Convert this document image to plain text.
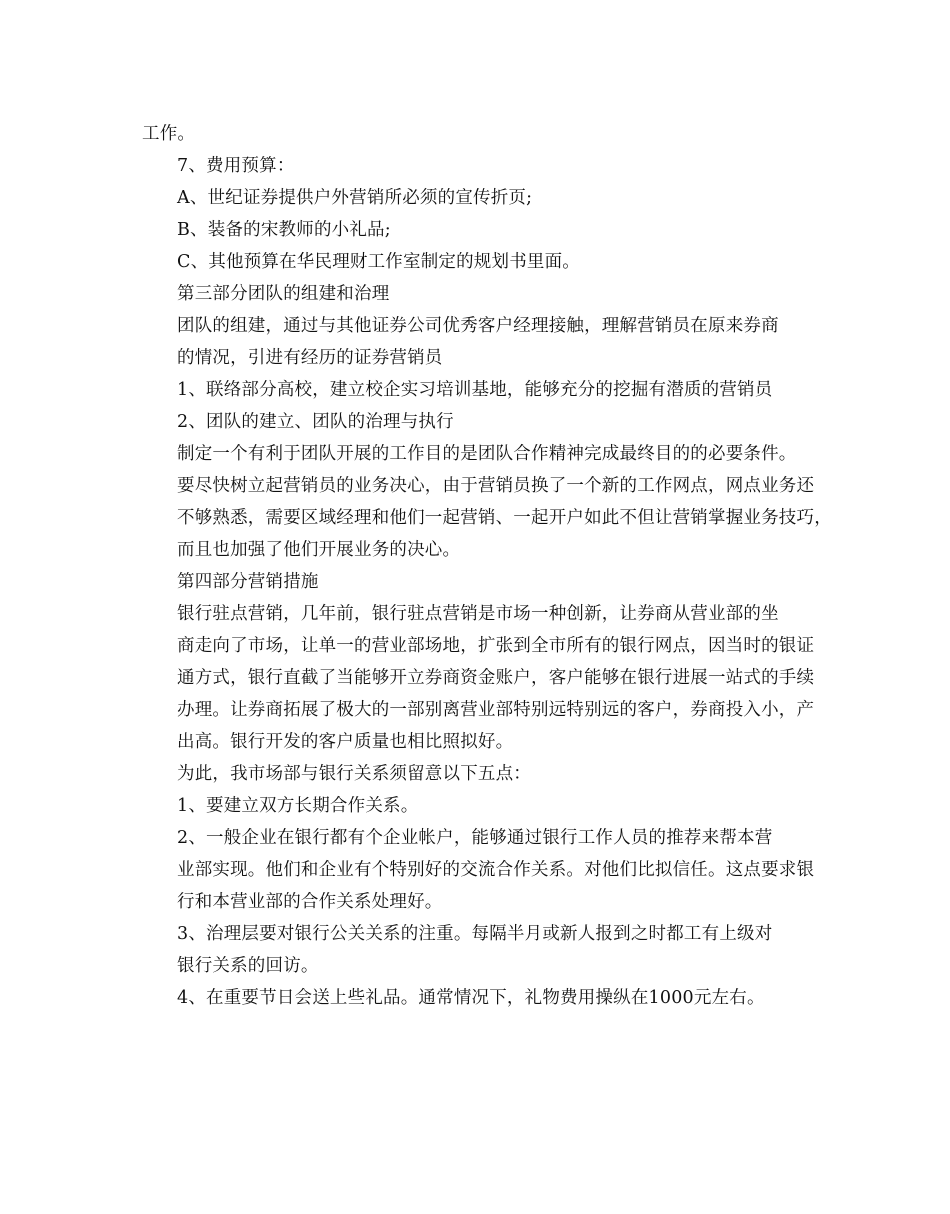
工作。

7、费用预算：

A、世纪证券提供户外营销所必须的宣传折页;

B、装备的宋教师的小礼品;

C、其他预算在华民理财工作室制定的规划书里面。

第三部分团队的组建和治理

团队的组建，通过与其他证券公司优秀客户经理接触，理解营销员在原来券商
的情况，引进有经历的证券营销员

1、联络部分高校，建立校企实习培训基地，能够充分的挖掘有潜质的营销员

2、团队的建立、团队的治理与执行

制定一个有利于团队开展的工作目的是团队合作精神完成最终目的的必要条件。
要尽快树立起营销员的业务决心，由于营销员换了一个新的工作网点，网点业务还
不够熟悉，需要区域经理和他们一起营销、一起开户如此不但让营销掌握业务技巧，
而且也加强了他们开展业务的决心。

第四部分营销措施

银行驻点营销，几年前，银行驻点营销是市场一种创新，让券商从营业部的坐
商走向了市场，让单一的营业部场地，扩张到全市所有的银行网点，因当时的银证
通方式，银行直截了当能够开立券商资金账户，客户能够在银行进展一站式的手续
办理。让券商拓展了极大的一部别离营业部特别远特别远的客户，券商投入小，产
出高。银行开发的客户质量也相比照拟好。

为此，我市场部与银行关系须留意以下五点：

1、要建立双方长期合作关系。

2、一般企业在银行都有个企业帐户，能够通过银行工作人员的推荐来帮本营
业部实现。他们和企业有个特别好的交流合作关系。对他们比拟信任。这点要求银
行和本营业部的合作关系处理好。

3、治理层要对银行公关关系的注重。每隔半月或新人报到之时都工有上级对
银行关系的回访。

4、在重要节日会送上些礼品。通常情况下，礼物费用操纵在1000元左右。
